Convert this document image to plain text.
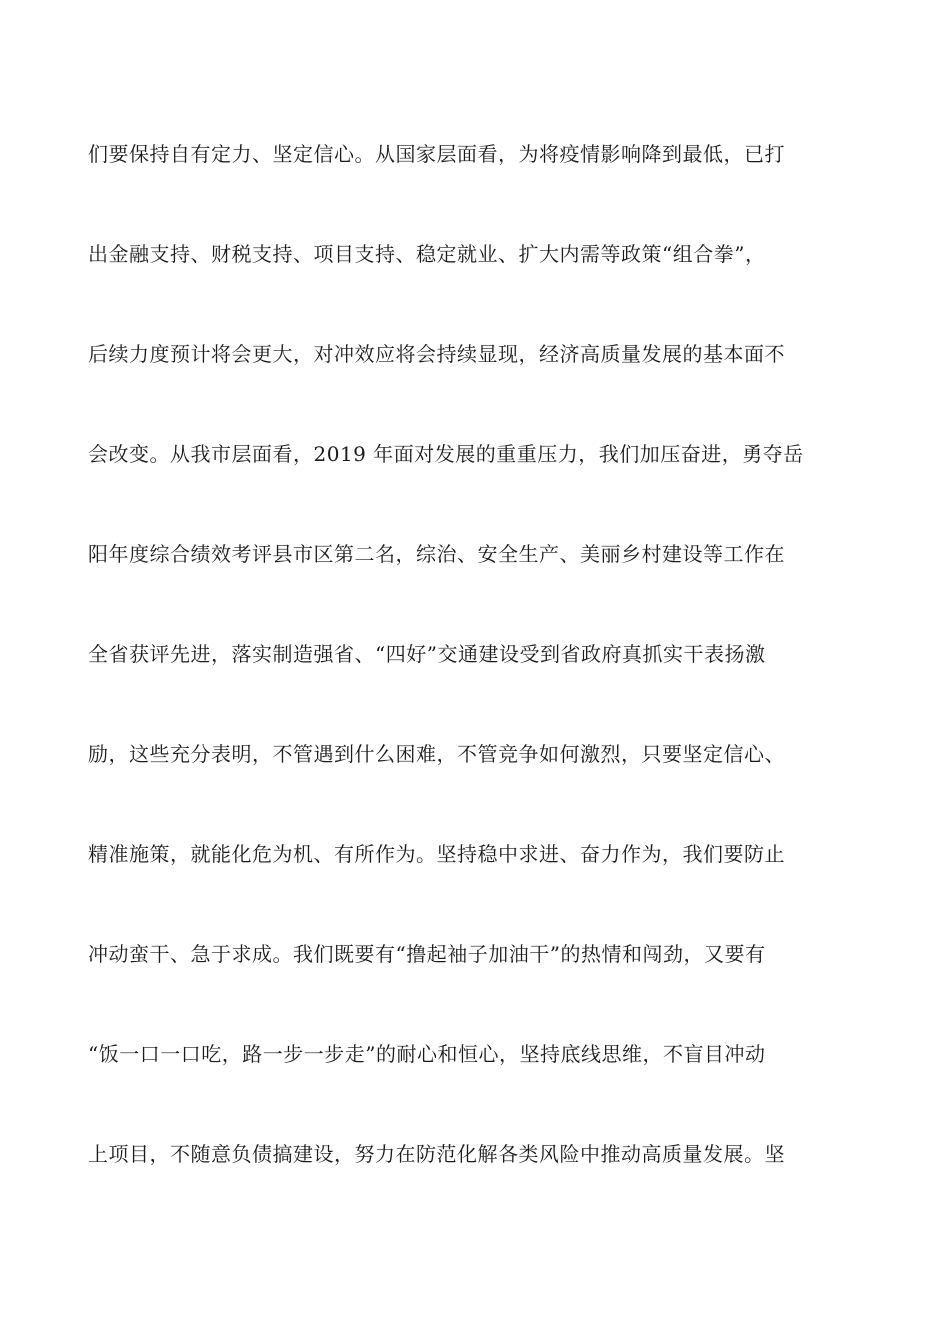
们要保持自有定力、坚定信心。从国家层面看，为将疫情影响降到最低，已打
出金融支持、财税支持、项目支持、稳定就业、扩大内需等政策“组合拳”，
后续力度预计将会更大，对冲效应将会持续显现，经济高质量发展的基本面不
会改变。从我市层面看，2019 年面对发展的重重压力，我们加压奋进，勇夺岳
阳年度综合绩效考评县市区第二名，综治、安全生产、美丽乡村建设等工作在
全省获评先进，落实制造强省、“四好”交通建设受到省政府真抓实干表扬激
励，这些充分表明，不管遇到什么困难，不管竞争如何激烈，只要坚定信心、
精准施策，就能化危为机、有所作为。坚持稳中求进、奋力作为，我们要防止
冲动蛮干、急于求成。我们既要有“撸起袖子加油干”的热情和闯劲，又要有
“饭一口一口吃，路一步一步走”的耐心和恒心，坚持底线思维，不盲目冲动
上项目，不随意负债搞建设，努力在防范化解各类风险中推动高质量发展。坚
